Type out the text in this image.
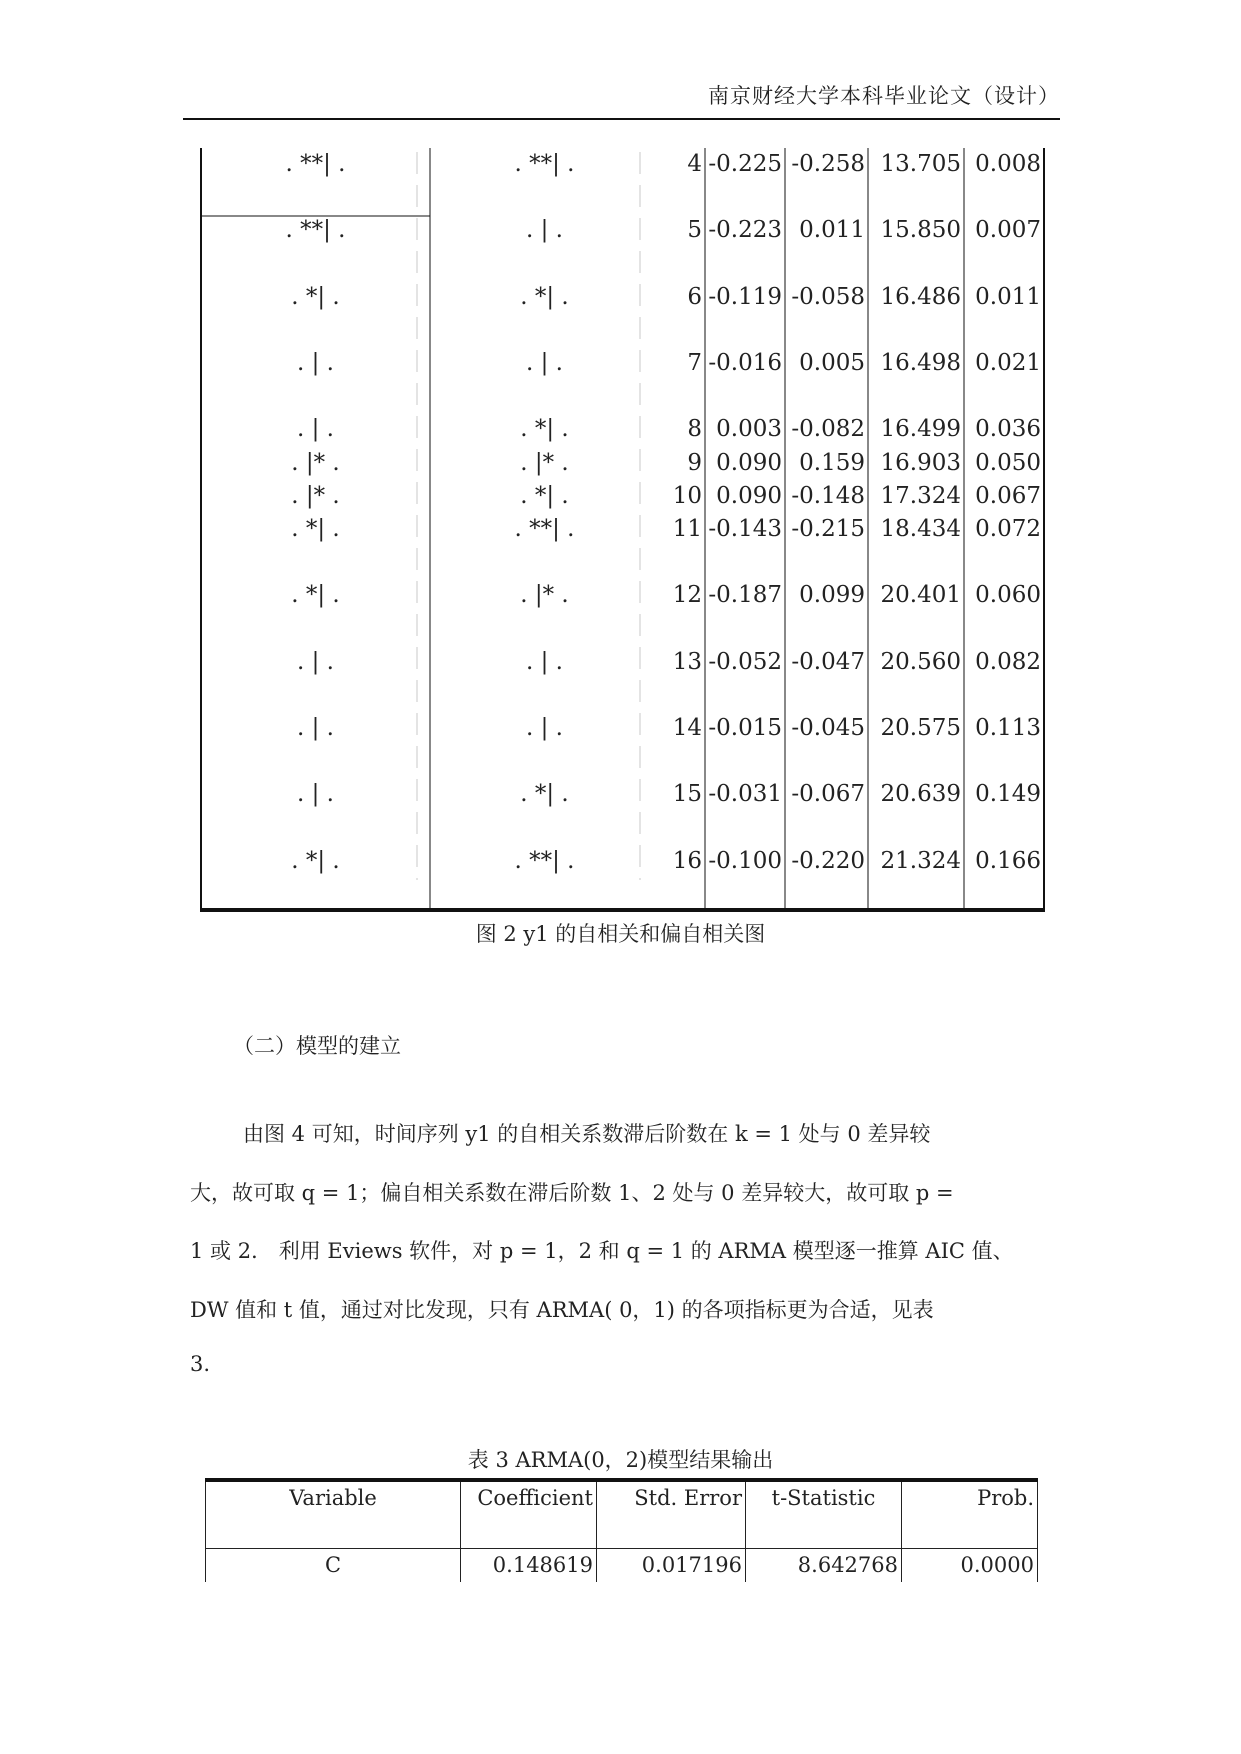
南京财经大学本科毕业论文（设计）
. **| .	. **| .	4	-0.225	-0.258	13.705	0.008
. **| .	. | .	5	-0.223	0.011	15.850	0.007
. *| .	. *| .	6	-0.119	-0.058	16.486	0.011
. | .	. | .	7	-0.016	0.005	16.498	0.021
. | .	. *| .	8	0.003	-0.082	16.499	0.036
. |* .	. |* .	9	0.090	0.159	16.903	0.050
. |* .	. *| .	10	0.090	-0.148	17.324	0.067
. *| .	. **| .	11	-0.143	-0.215	18.434	0.072
. *| .	. |* .	12	-0.187	0.099	20.401	0.060
. | .	. | .	13	-0.052	-0.047	20.560	0.082
. | .	. | .	14	-0.015	-0.045	20.575	0.113
. | .	. *| .	15	-0.031	-0.067	20.639	0.149
. *| .	. **| .	16	-0.100	-0.220	21.324	0.166
图 2 y1 的自相关和偏自相关图
（二）模型的建立
由图 4 可知，时间序列 y1 的自相关系数滞后阶数在 k = 1 处与 0 差异较
大，故可取 q = 1；偏自相关系数在滞后阶数 1、2 处与 0 差异较大，故可取 p =
1 或 2． 利用 Eviews 软件，对 p = 1，2 和 q = 1 的 ARMA 模型逐一推算 AIC 值、
DW 值和 t 值，通过对比发现，只有 ARMA( 0，1) 的各项指标更为合适，见表
3.
表 3 ARMA(0，2)模型结果输出
Variable	Coefficient	Std. Error	t-Statistic	Prob.
C	0.148619	0.017196	8.642768	0.0000
